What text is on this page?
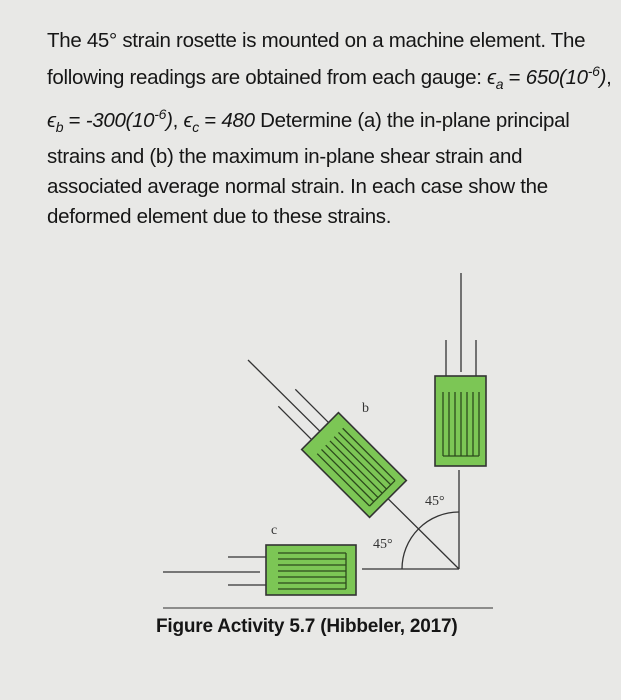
The 45° strain rosette is mounted on a machine element. The following readings are obtained from each gauge: $\epsilon_a = 650(10^{-6})$, $\epsilon_b = -300(10^{-6})$, $\epsilon_c = 480$ Determine (a) the in-plane principal strains and (b) the maximum in-plane shear strain and associated average normal strain. In each case show the deformed element due to these strains.

b
c
45°
45°
Figure Activity 5.7 (Hibbeler, 2017)
